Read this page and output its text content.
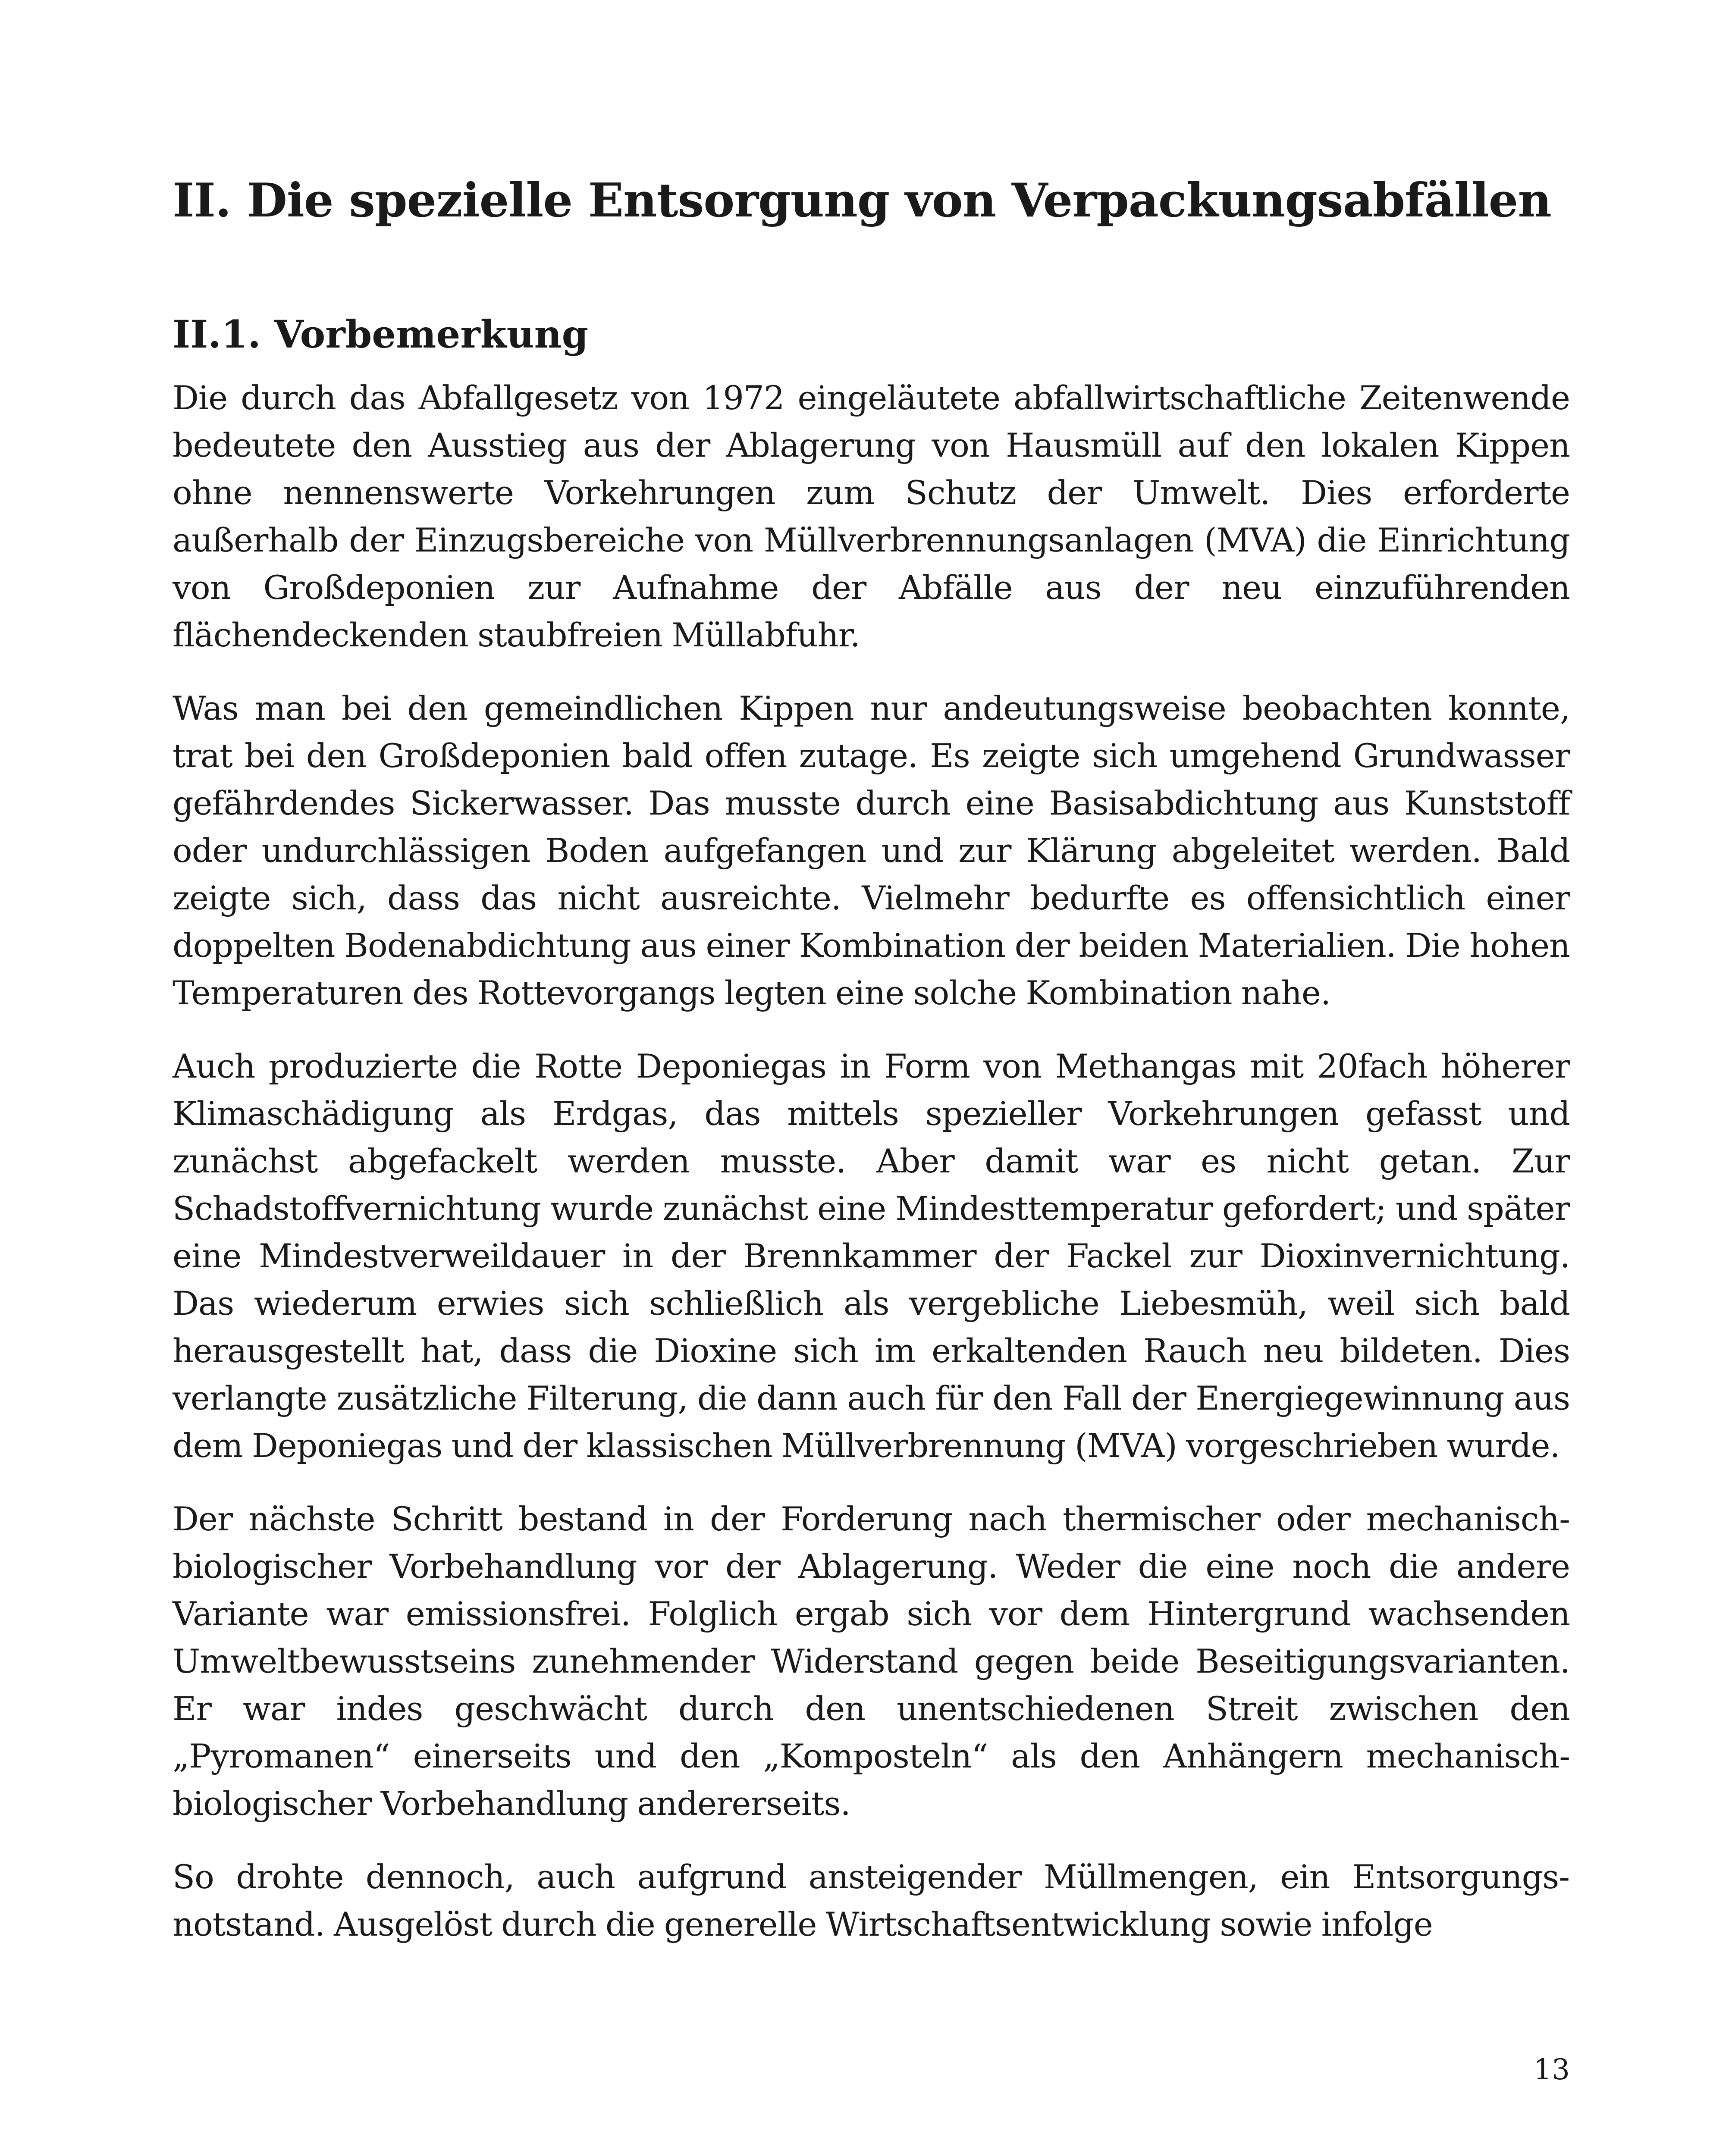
II. Die spezielle Entsorgung von Verpackungsabfällen
II.1. Vorbemerkung

Die durch das Abfallgesetz von 1972 eingeläutete abfallwirtschaftliche Zeitenwende bedeutete den Ausstieg aus der Ablagerung von Hausmüll auf den lokalen Kippen ohne nennenswerte Vorkehrungen zum Schutz der Umwelt. Dies erforderte außerhalb der Einzugsbereiche von Müllverbrennungsanlagen (MVA) die Einrichtung von Großdeponien zur Aufnahme der Abfälle aus der neu einzuführenden flächendeckenden staubfreien Müllabfuhr.

Was man bei den gemeindlichen Kippen nur andeutungsweise beobachten konnte, trat bei den Großdeponien bald offen zutage. Es zeigte sich umgehend Grundwasser gefährdendes Sickerwasser. Das musste durch eine Basisabdichtung aus Kunststoff oder undurchlässigen Boden aufgefangen und zur Klärung abgeleitet werden. Bald zeigte sich, dass das nicht ausreichte. Vielmehr bedurfte es offensichtlich einer doppelten Bodenabdichtung aus einer Kombination der beiden Materialien. Die hohen Temperaturen des Rottevorgangs legten eine solche Kombination nahe.

Auch produzierte die Rotte Deponiegas in Form von Methangas mit 20fach höherer Klimaschädigung als Erdgas, das mittels spezieller Vorkehrungen gefasst und zunächst abgefackelt werden musste. Aber damit war es nicht getan. Zur Schadstoffvernichtung wurde zunächst eine Mindesttemperatur gefordert; und später eine Mindestverweildauer in der Brennkammer der Fackel zur Dioxinvernichtung. Das wiederum erwies sich schließlich als vergebliche Liebesmüh, weil sich bald herausgestellt hat, dass die Dioxine sich im erkaltenden Rauch neu bildeten. Dies verlangte zusätzliche Filterung, die dann auch für den Fall der Energiegewinnung aus dem Deponiegas und der klassischen Müllverbrennung (MVA) vorgeschrieben wurde.

Der nächste Schritt bestand in der Forderung nach thermischer oder mechanisch-biologischer Vorbehandlung vor der Ablagerung. Weder die eine noch die andere Variante war emissionsfrei. Folglich ergab sich vor dem Hintergrund wachsenden Umweltbewusstseins zunehmender Widerstand gegen beide Beseitigungsvarianten. Er war indes geschwächt durch den unentschiedenen Streit zwischen den „Pyromanen“ einerseits und den „Komposteln“ als den Anhängern mechanisch-biologischer Vorbehandlung andererseits.

So drohte dennoch, auch aufgrund ansteigender Müllmengen, ein Entsorgungsnotstand. Ausgelöst durch die generelle Wirtschaftsentwicklung sowie infolge

13
